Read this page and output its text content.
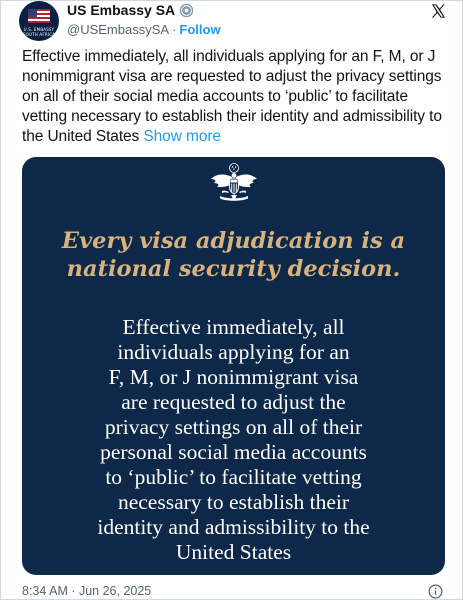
U.S. EMBASSY
SOUTH AFRICA
US Embassy SA
@USEmbassySA · Follow
Effective immediately, all individuals applying for an F, M, or J nonimmigrant visa are requested to adjust the privacy settings on all of their social media accounts to ‘public’ to facilitate vetting necessary to establish their identity and admissibility to the United States Show more
Every visa adjudication is a
national security decision.
Effective immediately, all
individuals applying for an
F, M, or J nonimmigrant visa
are requested to adjust the
privacy settings on all of their
personal social media accounts
to ‘public’ to facilitate vetting
necessary to establish their
identity and admissibility to the
United States
8:34 AM · Jun 26, 2025
